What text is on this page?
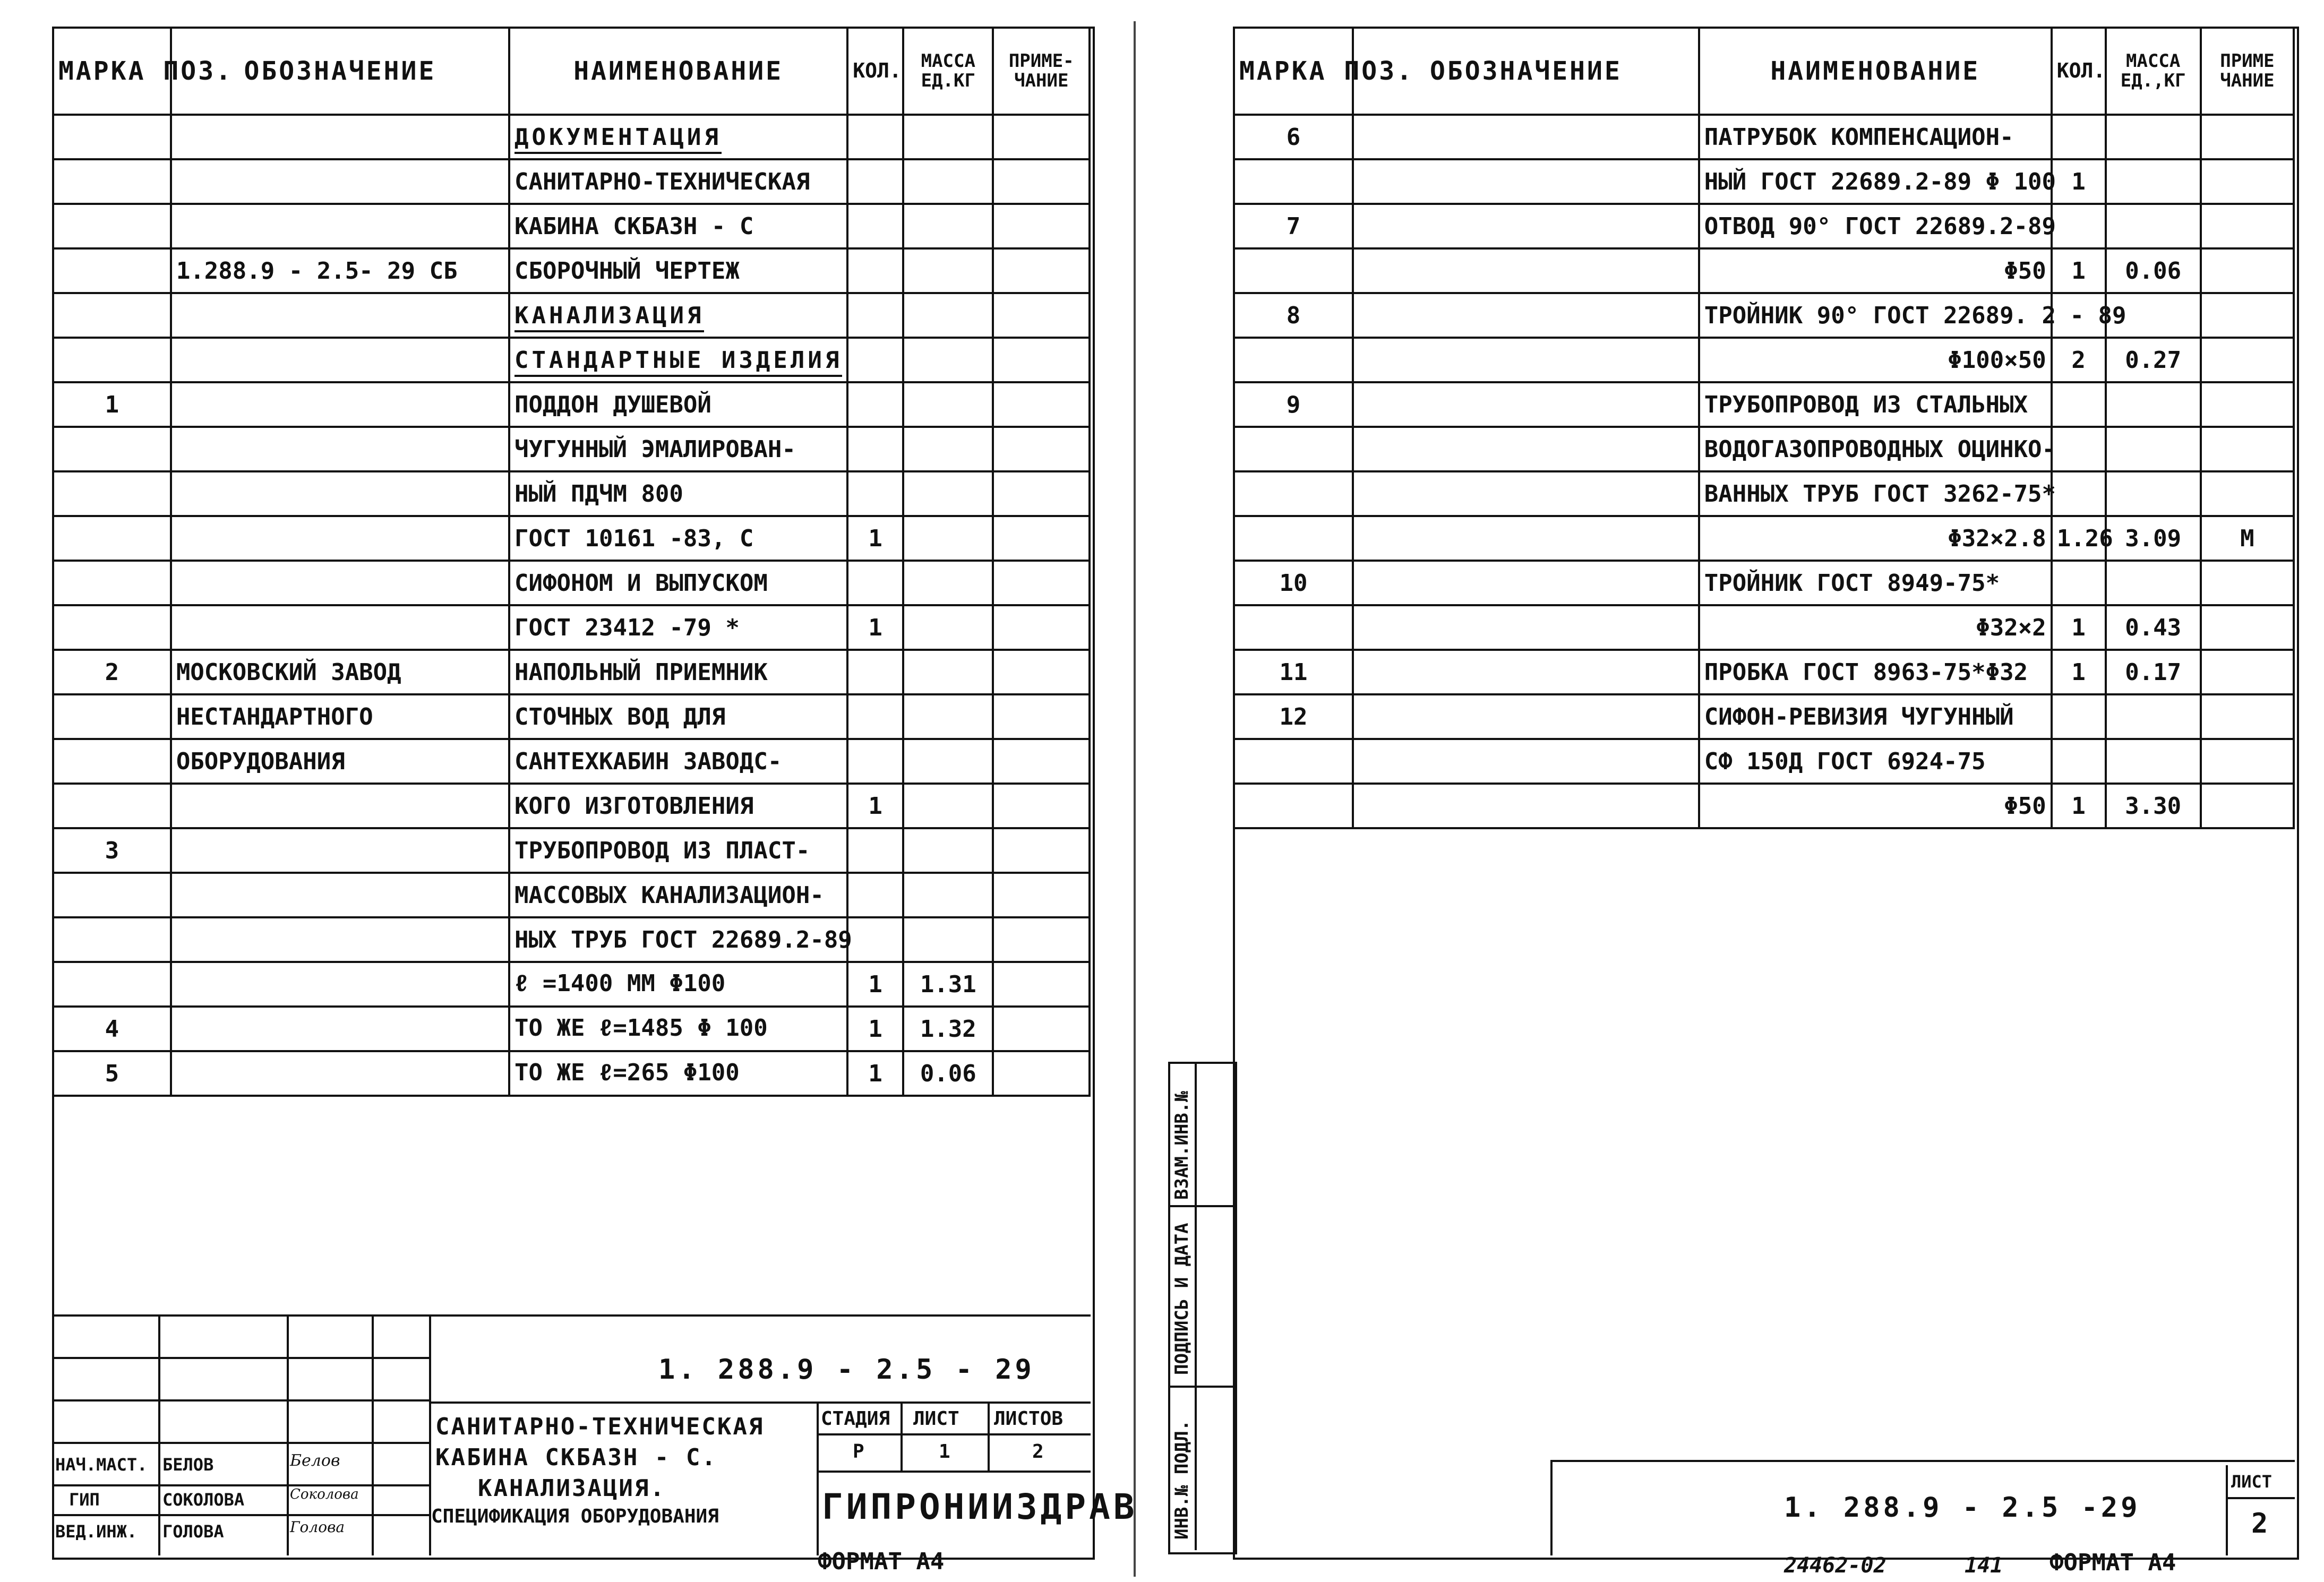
МАРКА ПОЗ.	ОБОЗНАЧЕНИЕ	НАИМЕНОВАНИЕ	КОЛ.	МАССА ЕД.КГ	ПРИМЕ-ЧАНИЕ
		ДОКУМЕНТАЦИЯ			
		САНИТАРНО-ТЕХНИЧЕСКАЯ			
		КАБИНА СКБАЗН - С			
	1.288.9 - 2.5- 29 СБ	СБОРОЧНЫЙ ЧЕРТЕЖ			
		КАНАЛИЗАЦИЯ			
		СТАНДАРТНЫЕ ИЗДЕЛИЯ			
1		ПОДДОН ДУШЕВОЙ			
		ЧУГУННЫЙ ЭМАЛИРОВАН-			
		НЫЙ ПДЧМ 800			
		ГОСТ 10161 -83, С	1		
		СИФОНОМ И ВЫПУСКОМ			
		ГОСТ 23412 -79 *	1		
2	МОСКОВСКИЙ ЗАВОД	НАПОЛЬНЫЙ ПРИЕМНИК			
	НЕСТАНДАРТНОГО	СТОЧНЫХ ВОД ДЛЯ			
	ОБОРУДОВАНИЯ	САНТЕХКАБИН ЗАВОДС-			
		КОГО ИЗГОТОВЛЕНИЯ	1		
3		ТРУБОПРОВОД ИЗ ПЛАСТ-			
		МАССОВЫХ КАНАЛИЗАЦИОН-			
		НЫХ ТРУБ ГОСТ 22689.2-89			
		ℓ =1400 ММ Φ100	1	1.31	
4		ТО ЖЕ ℓ=1485 Φ 100	1	1.32	
5		ТО ЖЕ ℓ=265 Φ100	1	0.06	
1. 288.9 - 2.5 - 29
САНИТАРНО-ТЕХНИЧЕСКАЯ
КАБИНА СКБАЗН - С.
КАНАЛИЗАЦИЯ.
СПЕЦИФИКАЦИЯ ОБОРУДОВАНИЯ
СТАДИЯ ЛИСТ ЛИСТОВ
Р	1	2
ГИПРОНИИЗДРАВ
НАЧ.МАСТ. БЕЛОВ	Белов
ГИП	СОКОЛОВА	Соколова
ВЕД.ИНЖ. ГОЛОВА	Голова
ФОРМАТ А4
МАРКА ПОЗ.	ОБОЗНАЧЕНИЕ	НАИМЕНОВАНИЕ	КОЛ.	МАССА ЕД.,КГ	ПРИМЕ ЧАНИЕ
6		ПАТРУБОК КОМПЕНСАЦИОН-			
		НЫЙ ГОСТ 22689.2-89 Φ 100	1		
7		ОТВОД 90° ГОСТ 22689.2-89			
		Φ50	1	0.06	
8		ТРОЙНИК 90° ГОСТ 22689. 2 - 89			
		Φ100×50	2	0.27	
9		ТРУБОПРОВОД ИЗ СТАЛЬНЫХ			
		ВОДОГАЗОПРОВОДНЫХ ОЦИНКО-			
		ВАННЫХ ТРУБ ГОСТ 3262-75*			
		Φ32×2.8	1.26	3.09	М
10		ТРОЙНИК ГОСТ 8949-75*			
		Φ32×2	1	0.43	
11		ПРОБКА ГОСТ 8963-75*Φ32	1	0.17	
12		СИФОН-РЕВИЗИЯ ЧУГУННЫЙ			
		СФ 150Д ГОСТ 6924-75			
		Φ50	1	3.30	
ИНВ.№ ПОДЛ.
ПОДПИСЬ И ДАТА
ВЗАМ.ИНВ.№
1. 288.9 - 2.5 -29
ЛИСТ
2
24462-02	141 ФОРМАТ А4
